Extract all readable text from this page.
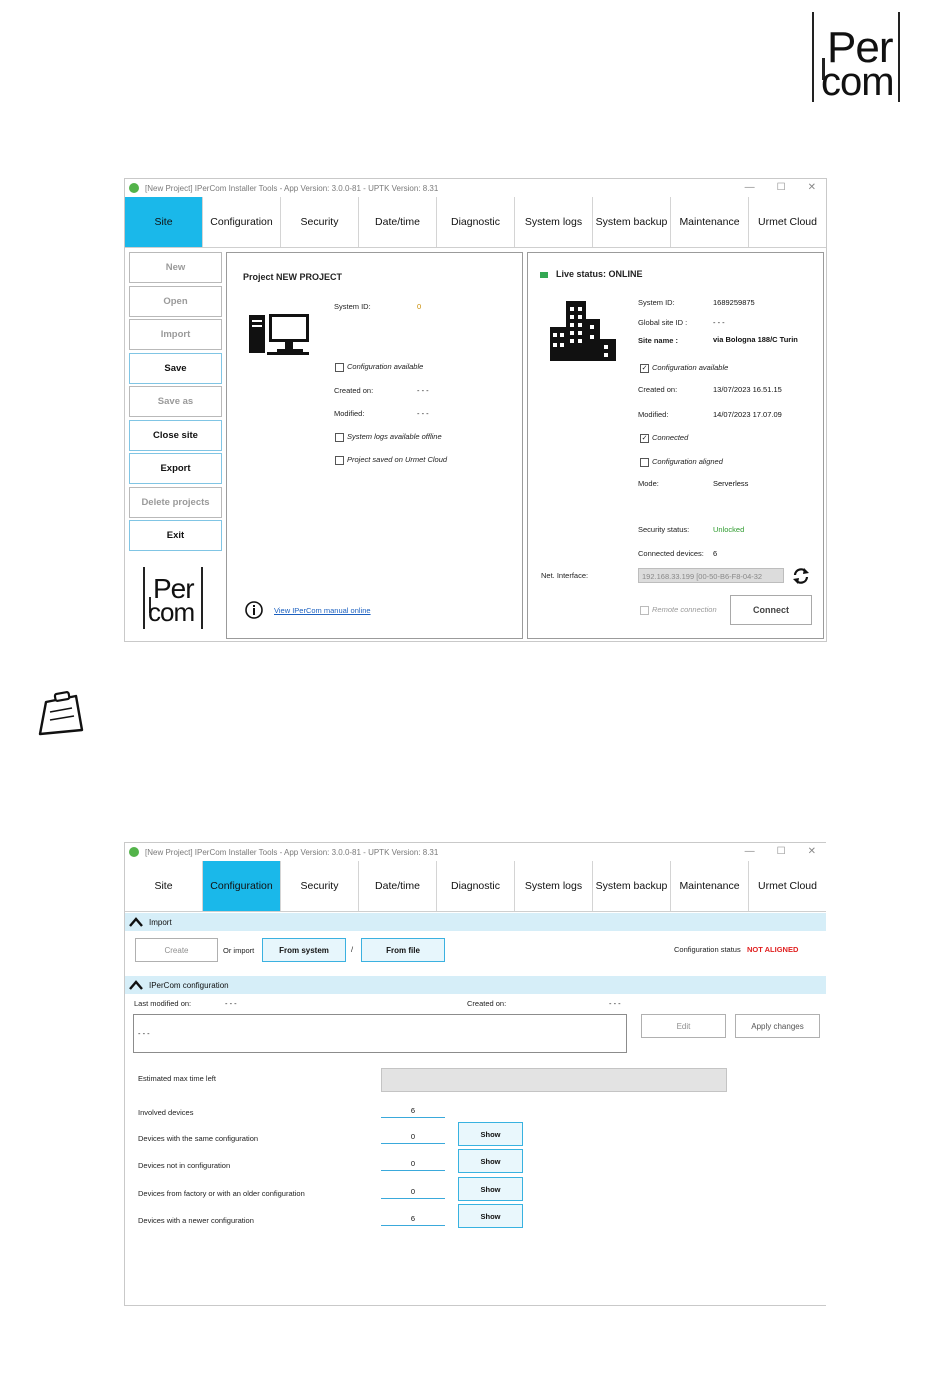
Per
com
[New Project] IPerCom Installer Tools - App Version: 3.0.0-81 - UPTK Version: 8.31	— ☐ ✕
Site	Configuration	Security	Date/time	Diagnostic	System logs	System backup	Maintenance	Urmet Cloud
New
Open
Import
Save
Save as
Close site
Export
Delete projects
Exit
Per
com
Project NEW PROJECT
System ID:	0
Configuration available
Created on:	- - -
Modified:	- - -
System logs available offline
Project saved on Urmet Cloud
View IPerCom manual online
Live status: ONLINE
System ID:	1689259875
Global site ID :	- - -
Site name :	via Bologna 188/C Turin
✓ Configuration available
Created on:	13/07/2023 16.51.15
Modified:	14/07/2023 17.07.09
✓ Connected
Configuration aligned
Mode:	Serverless
Security status:	Unlocked
Connected devices: 6
Net. Interface:	192.168.33.199 [00-50-B6-F8-04-32
Remote connection	Connect
[New Project] IPerCom Installer Tools - App Version: 3.0.0-81 - UPTK Version: 8.31	— ☐ ✕
Site	Configuration	Security	Date/time	Diagnostic	System logs	System backup	Maintenance	Urmet Cloud
Import
Create	Or import	From system	/	From file	Configuration status NOT ALIGNED
IPerCom configuration
Last modified on:	- - -	Created on:	- - -
- - -
Edit	Apply changes
Estimated max time left
Involved devices	6
Devices with the same configuration	0	Show
Devices not in configuration	0	Show
Devices from factory or with an older configuration	0	Show
Devices with a newer configuration	6	Show
